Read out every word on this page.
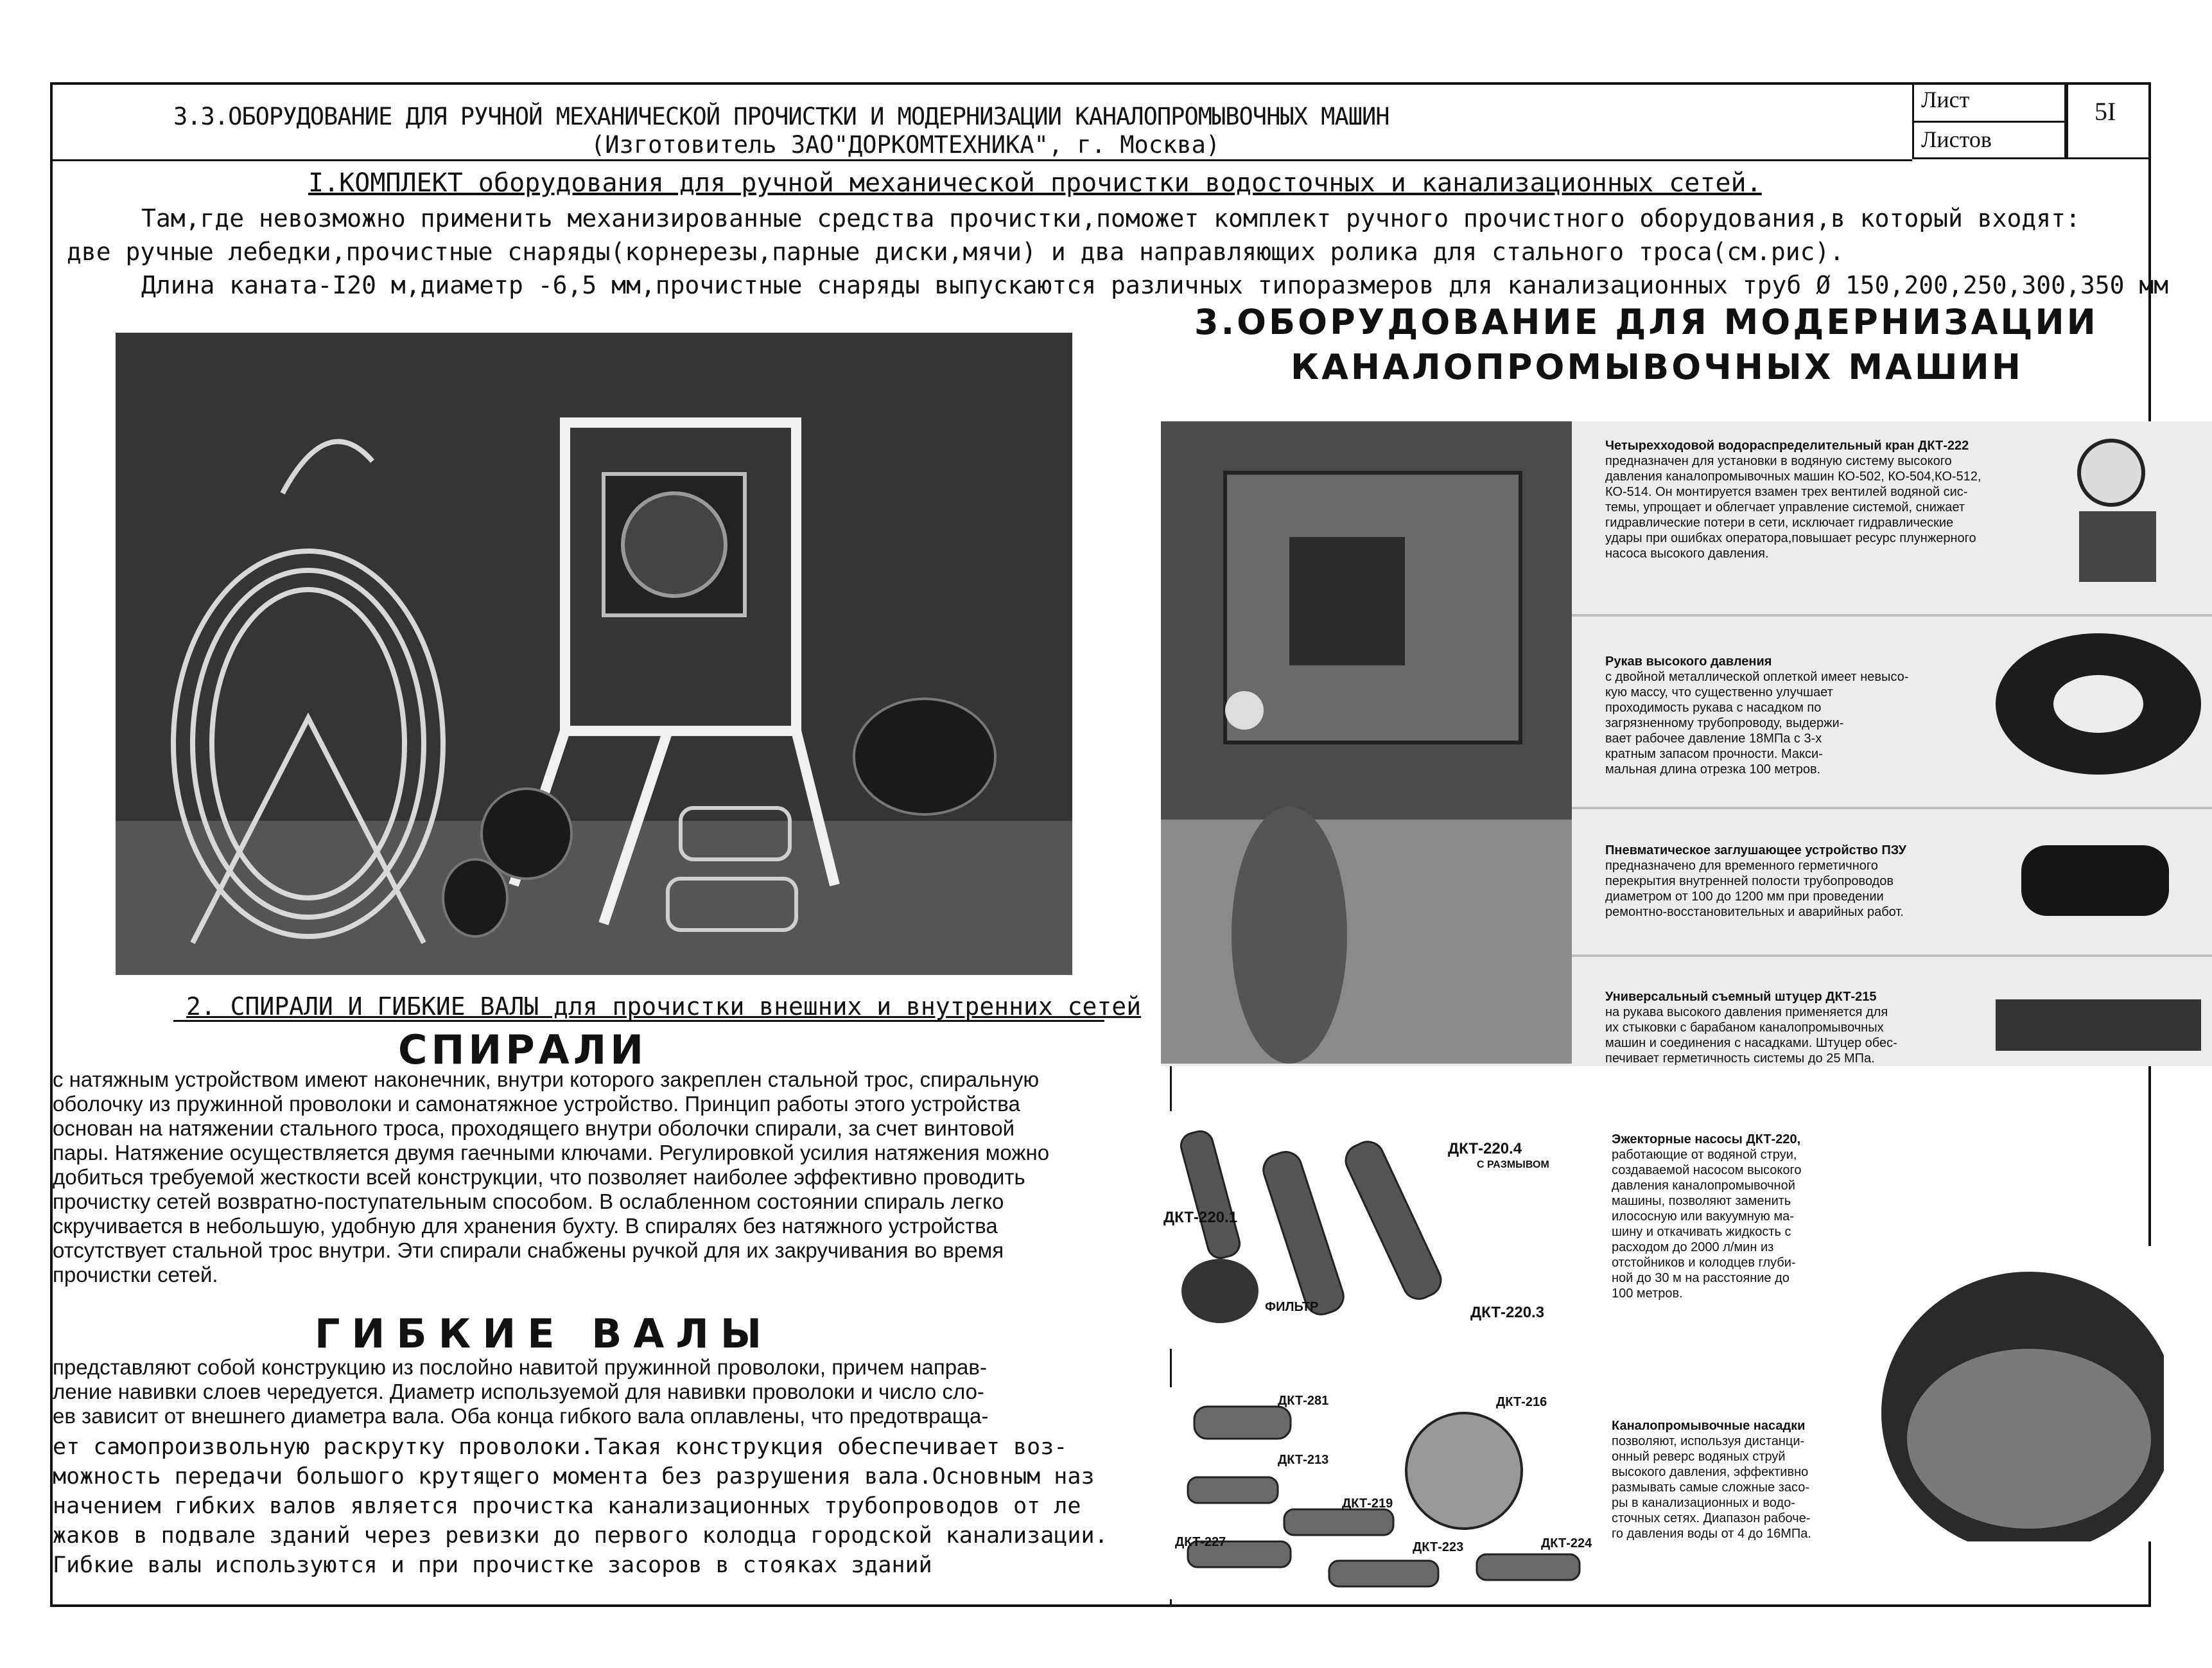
3.3.ОБОРУДОВАНИЕ ДЛЯ РУЧНОЙ МЕХАНИЧЕСКОЙ ПРОЧИСТКИ И МОДЕРНИЗАЦИИ КАНАЛОПРОМЫВОЧНЫХ МАШИН
(Изготовитель ЗАО"ДОРКОМТЕХНИКА", г. Москва)
Лист
Листов
5I
I.КОМПЛЕКТ оборудования для ручной механической прочистки водосточных и канализационных сетей.
Там,где невозможно применить механизированные средства прочистки,поможет комплект ручного прочистного оборудования,в который входят:
две ручные лебедки,прочистные снаряды(корнерезы,парные диски,мячи) и два направляющих ролика для стального троса(см.рис).
Длина каната-I20 м,диаметр -6,5 мм,прочистные снаряды выпускаются различных типоразмеров для канализационных труб Ø 150,200,250,300,350 мм
2. СПИРАЛИ И ГИБКИЕ ВАЛЫ для прочистки внешних и внутренних сетей
СПИРАЛИ
с натяжным устройством имеют наконечник, внутри которого закреплен стальной трос, спиральную
оболочку из пружинной проволоки и самонатяжное устройство. Принцип работы этого устройства
основан на натяжении стального троса, проходящего внутри оболочки спирали, за счет винтовой
пары. Натяжение осуществляется двумя гаечными ключами. Регулировкой усилия натяжения можно
добиться требуемой жесткости всей конструкции, что позволяет наиболее эффективно проводить
прочистку сетей возвратно-поступательным способом. В ослабленном состоянии спираль легко
скручивается в небольшую, удобную для хранения бухту. В спиралях без натяжного устройства
отсутствует стальной трос внутри. Эти спирали снабжены ручкой для их закручивания во время
прочистки сетей.
ГИБКИЕ ВАЛЫ
представляют собой конструкцию из послойно навитой пружинной проволоки, причем направ-
ление навивки слоев чередуется. Диаметр используемой для навивки проволоки и число сло-
ев зависит от внешнего диаметра вала. Оба конца гибкого вала оплавлены, что предотвраща-
ет самопроизвольную раскрутку проволоки.Такая конструкция обеспечивает воз-
можность передачи большого крутящего момента без разрушения вала.Основным наз
начением гибких валов является прочистка канализационных трубопроводов от ле
жаков в подвале зданий через ревизки до первого колодца городской канализации.
Гибкие валы используются и при прочистке засоров в стояках зданий
3.ОБОРУДОВАНИЕ ДЛЯ МОДЕРНИЗАЦИИ
КАНАЛОПРОМЫВОЧНЫХ МАШИН
Четырехходовой водораспределительный кран ДКТ-222
предназначен для установки в водяную систему высокого
давления каналопромывочных машин КО-502, КО-504,КО-512,
КО-514. Он монтируется взамен трех вентилей водяной сис-
темы, упрощает и облегчает управление системой, снижает
гидравлические потери в сети, исключает гидравлические
удары при ошибках оператора,повышает ресурс плунжерного
насоса высокого давления.
Рукав высокого давления
с двойной металлической оплеткой имеет невысо-
кую массу, что существенно улучшает
проходимость рукава с насадком по
загрязненному трубопроводу, выдержи-
вает рабочее давление 18МПа с 3-х
кратным запасом прочности. Макси-
мальная длина отрезка 100 метров.
Пневматическое заглушающее устройство ПЗУ
предназначено для временного герметичного
перекрытия внутренней полости трубопроводов
диаметром от 100 до 1200 мм при проведении
ремонтно-восстановительных и аварийных работ.
Универсальный съемный штуцер ДКТ-215
на рукава высокого давления применяется для
их стыковки с барабаном каналопромывочных
машин и соединения с насадками. Штуцер обес-
печивает герметичность системы до 25 МПа.
ДКТ-220.4
С РАЗМЫВОМ
ДКТ-220.1
ФИЛЬТР	ДКТ-220.3
Эжекторные насосы ДКТ-220,
работающие от водяной струи,
создаваемой насосом высокого
давления каналопромывочной
машины, позволяют заменить
илососную или вакуумную ма-
шину и откачивать жидкость с
расходом до 2000 л/мин из
отстойников и колодцев глуби-
ной до 30 м на расстояние до
100 метров.
ДКТ-281	ДКТ-216
ДКТ-213
ДКТ-219
ДКТ-227	ДКТ-223	ДКТ-224
Каналопромывочные насадки
позволяют, используя дистанци-
онный реверс водяных струй
высокого давления, эффективно
размывать самые сложные засо-
ры в канализационных и водо-
сточных сетях. Диапазон рабоче-
го давления воды от 4 до 16МПа.
